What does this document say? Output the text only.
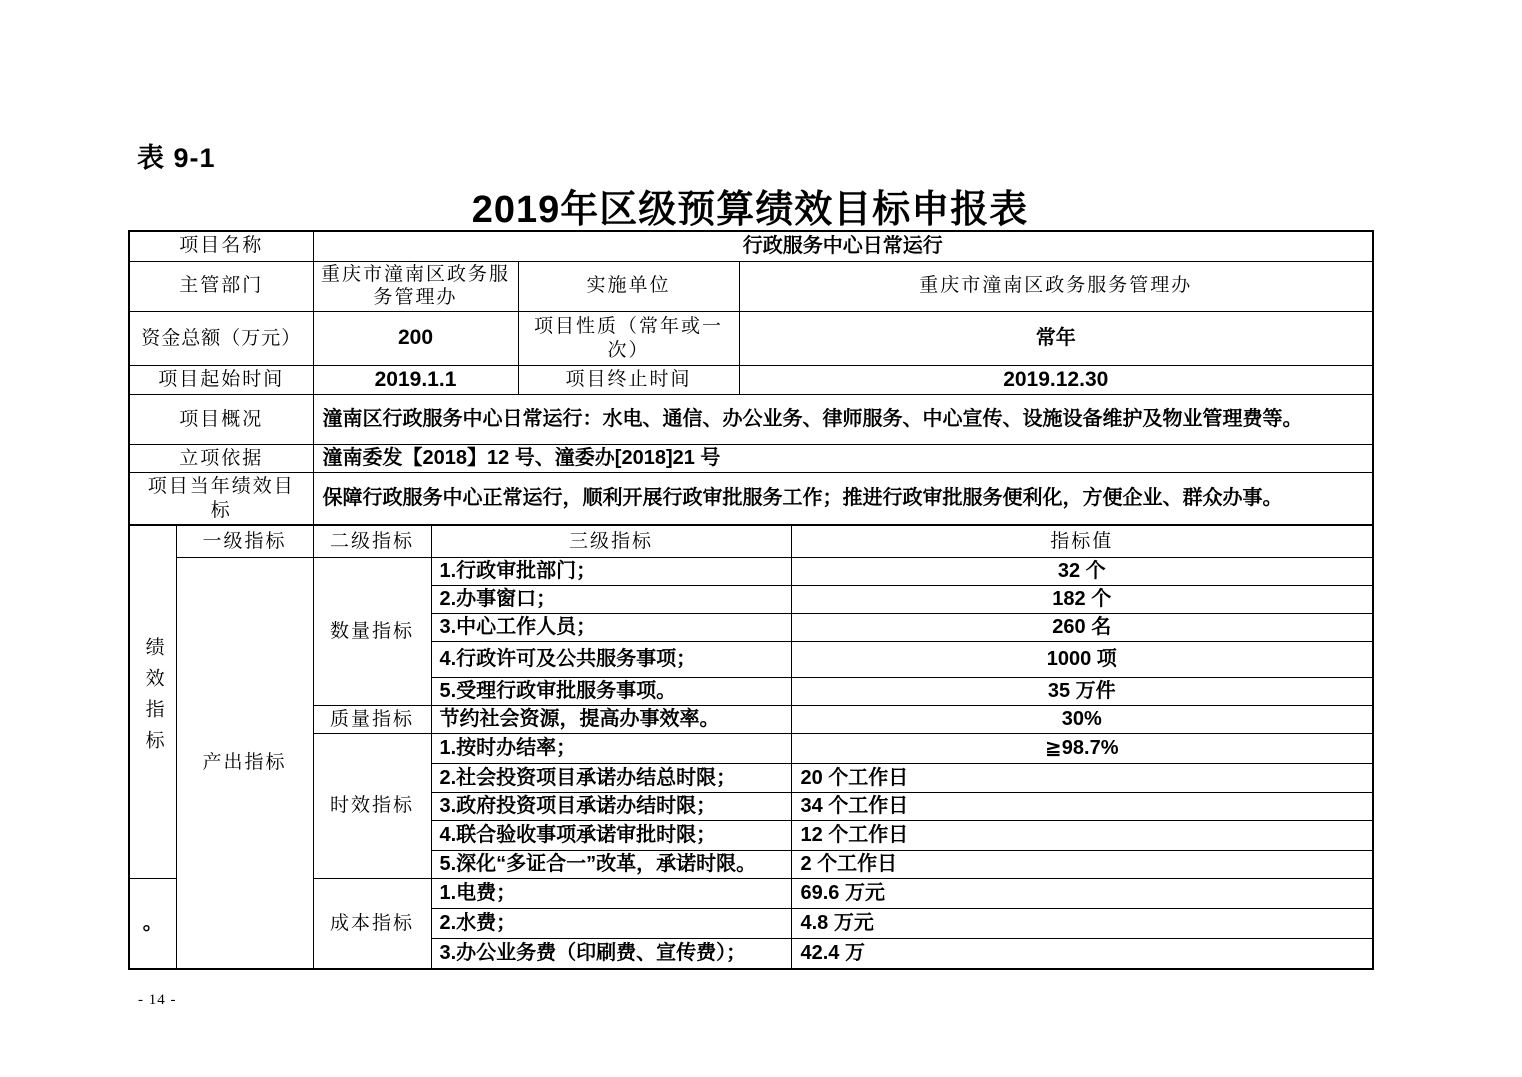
表 9-1
2019年区级预算绩效目标申报表
项目名称	行政服务中心日常运行		
主管部门	重庆市潼南区政务服务管理办	实施单位	重庆市潼南区政务服务管理办
资金总额（万元）	200	项目性质（常年或一次）	常年
项目起始时间	2019.1.1	项目终止时间	2019.12.30
项目概况	潼南区行政服务中心日常运行：水电、通信、办公业务、律师服务、中心宣传、设施设备维护及物业管理费等。		
立项依据	潼南委发【2018】12 号、潼委办[2018]21 号		
项目当年绩效目标	保障行政服务中心正常运行，顺利开展行政审批服务工作；推进行政审批服务便利化，方便企业、群众办事。		
绩效指标	一级指标	二级指标	三级指标	指标值
	产出指标	数量指标	1.行政审批部门；	32 个
			2.办事窗口；	182 个
			3.中心工作人员；	260 名
			4.行政许可及公共服务事项；	1000 项
			5.受理行政审批服务事项。	35 万件
		质量指标	节约社会资源，提高办事效率。	30%
		时效指标	1.按时办结率；	≧98.7%
			2.社会投资项目承诺办结总时限；	20 个工作日
			3.政府投资项目承诺办结时限；	34 个工作日
			4.联合验收事项承诺审批时限；	12 个工作日
			5.深化“多证合一”改革，承诺时限。	2 个工作日
。		成本指标	1.电费；	69.6 万元
			2.水费；	4.8 万元
			3.办公业务费（印刷费、宣传费）；	42.4 万
- 14 -
